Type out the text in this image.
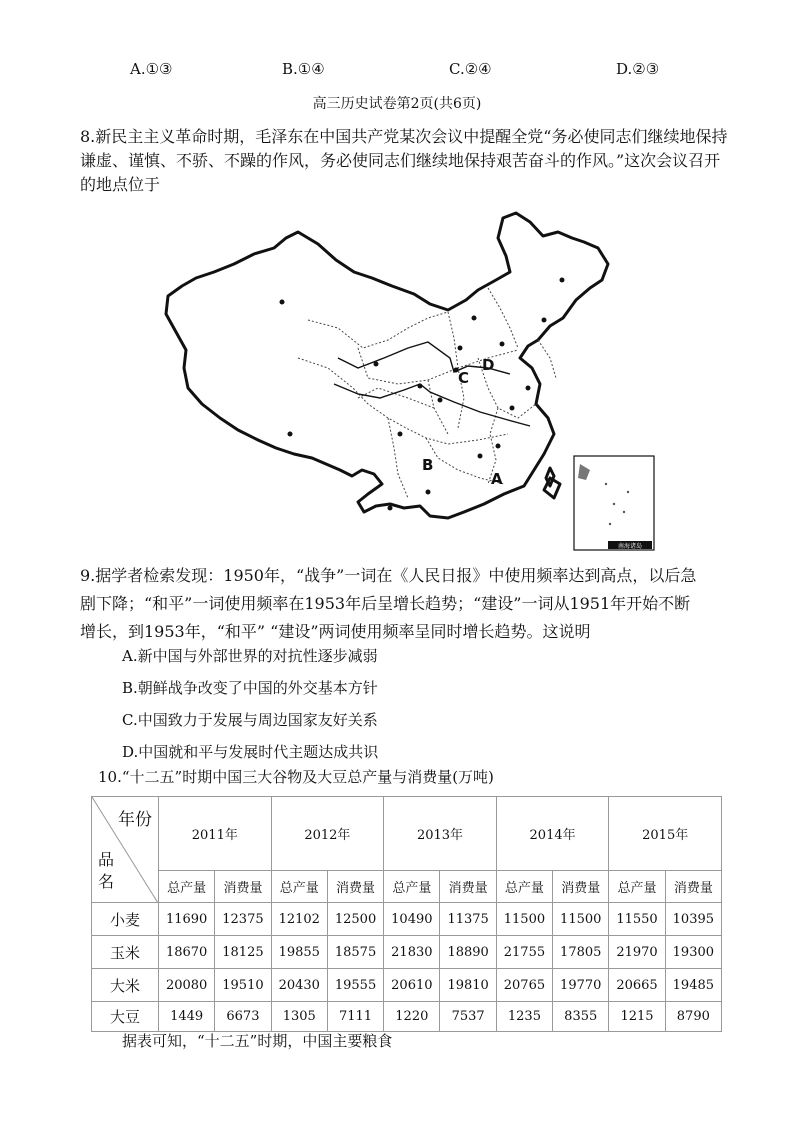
A.①③	B.①④	C.②④	D.②③
高三历史试卷第2页(共6页)
8.新民主主义革命时期，毛泽东在中国共产党某次会议中提醒全党“务必使同志们继续地保持
谦虚、谨慎、不骄、不躁的作风，务必使同志们继续地保持艰苦奋斗的作风。”这次会议召开
的地点位于
A
B
C
D
南海诸岛
9.据学者检索发现：1950年，“战争”一词在《人民日报》中使用频率达到高点，以后急
剧下降；“和平”一词使用频率在1953年后呈增长趋势；“建设”一词从1951年开始不断
增长，到1953年，“和平” “建设”两词使用频率呈同时增长趋势。这说明
A.新中国与外部世界的对抗性逐步减弱
B.朝鲜战争改变了中国的外交基本方针
C.中国致力于发展与周边国家友好关系
D.中国就和平与发展时代主题达成共识
10.“十二五”时期中国三大谷物及大豆总产量与消费量(万吨)
年份
品名	2011年		2012年		2013年		2014年		2015年	
	总产量	消费量	总产量	消费量	总产量	消费量	总产量	消费量	总产量	消费量
小麦	11690	12375	12102	12500	10490	11375	11500	11500	11550	10395
玉米	18670	18125	19855	18575	21830	18890	21755	17805	21970	19300
大米	20080	19510	20430	19555	20610	19810	20765	19770	20665	19485
大豆	1449	6673	1305	7111	1220	7537	1235	8355	1215	8790
据表可知，“十二五”时期，中国主要粮食
